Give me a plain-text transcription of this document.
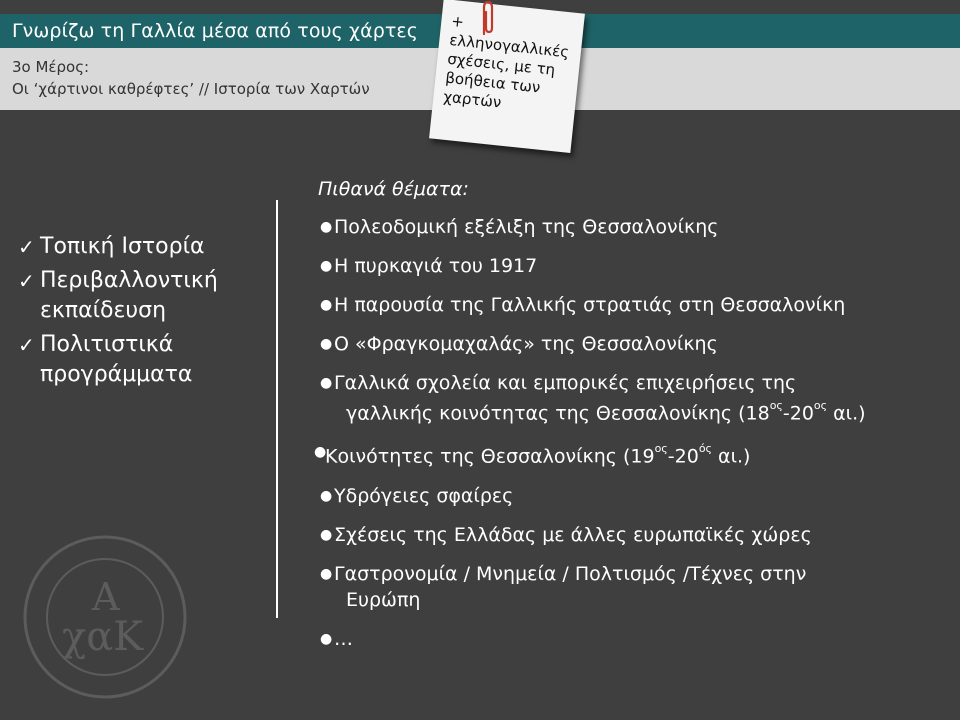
Γνωρίζω τη Γαλλία μέσα από τους χάρτες
3ο Μέρος:
Οι ‘χάρτινοι καθρέφτες’ // Ιστορία των Χαρτών
+
ελληνογαλλικές σχέσεις, με τη βοήθεια των χαρτών
✓ Τοπική Ιστορία
✓ Περιβαλλοντική εκπαίδευση
✓ Πολιτιστικά προγράμματα
Πιθανά θέματα:
● Πολεοδομική εξέλιξη της Θεσσαλονίκης
● Η πυρκαγιά του 1917
● Η παρουσία της Γαλλικής στρατιάς στη Θεσσαλονίκη
● Ο «Φραγκομαχαλάς» της Θεσσαλονίκης
● Γαλλικά σχολεία και εμπορικές επιχειρήσεις της
γαλλικής κοινότητας της Θεσσαλονίκης ($18^{o\varsigma}-20^{o\varsigma}$ αι.)
●
Κοινότητες της Θεσσαλονίκης ($19^{o\varsigma}-20^{ό\varsigma}$ αι.)
● Υδρόγειες σφαίρες
● Σχέσεις της Ελλάδας με άλλες ευρωπαϊκές χώρες
● Γαστρονομία / Μνημεία / Πολτισμός /Τέχνες στην
Ευρώπη
● …
Α
χαΚ
